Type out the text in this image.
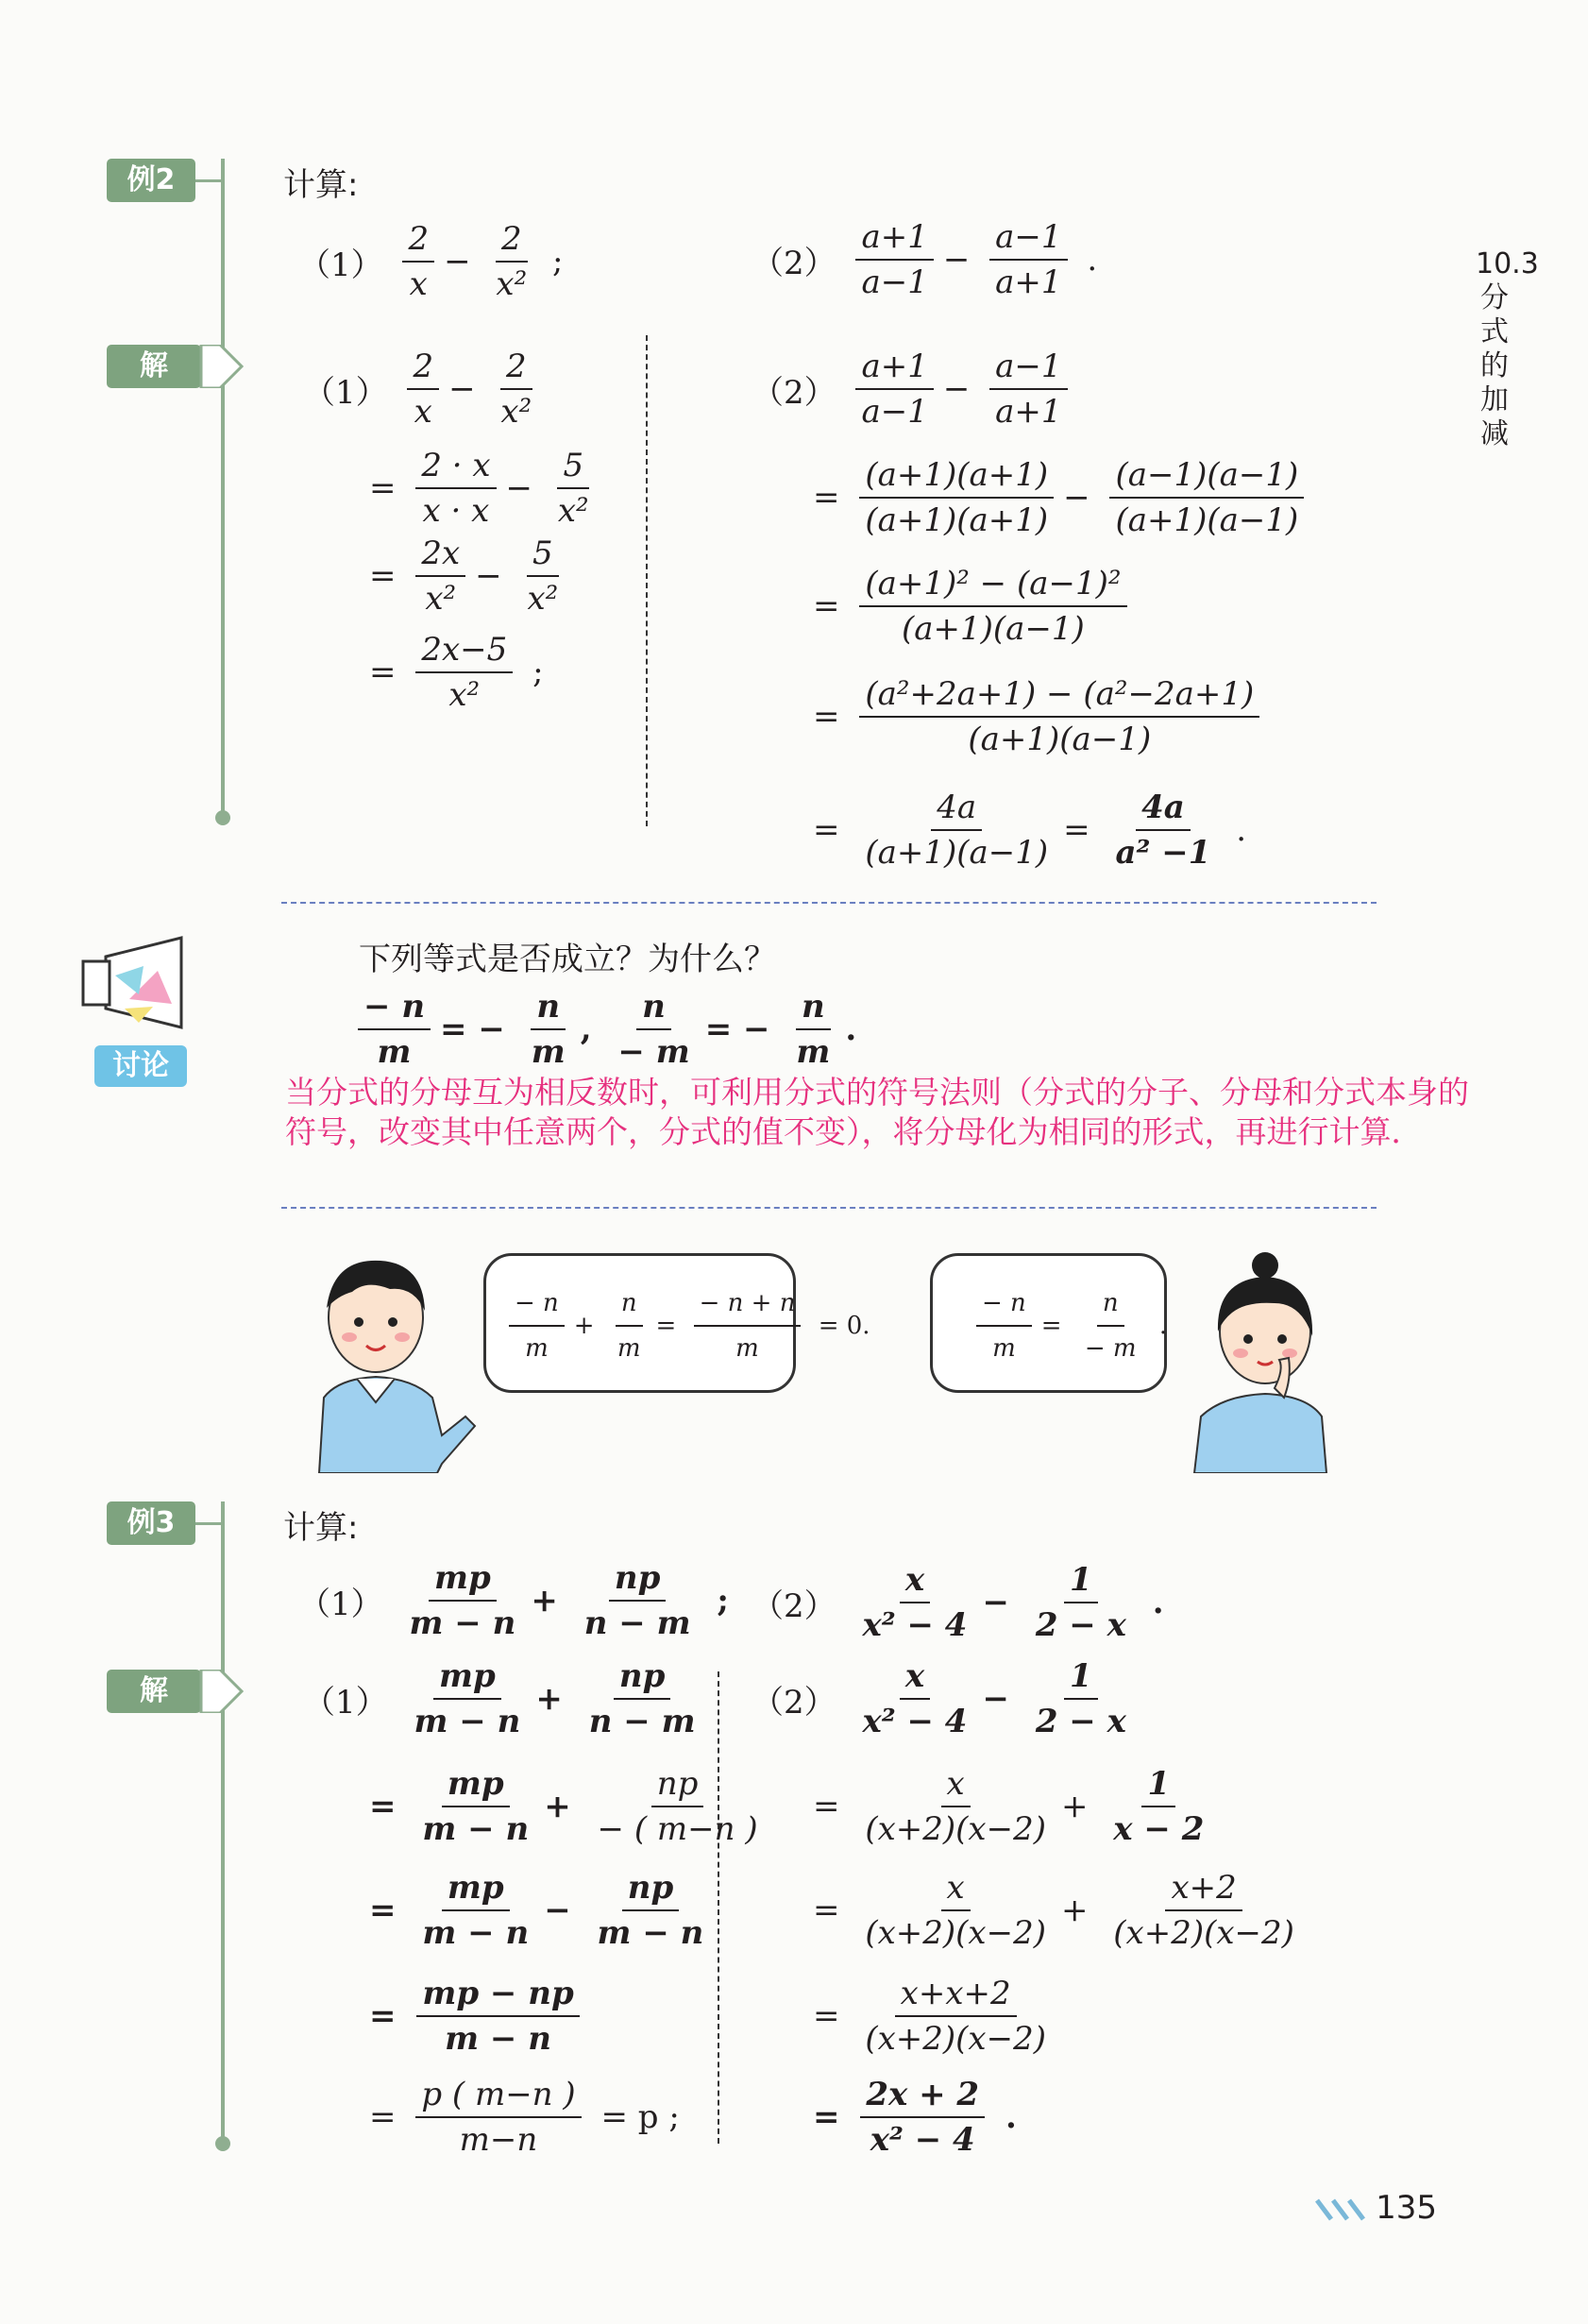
10.3 分式的加减
例2	计算:
$(1) \frac{2}{x} - \frac{2}{\text{x²}}$ ;	$(2) \frac{a+1}{a-1} - \frac{a-1}{a+1}$ .
解
$(1) \frac{2}{x} - \frac{2}{\text{x²}}$
= $\frac{2 \cdot x}{x \cdot x} - \frac{5}{\text{x²}}$
= $\frac{2x}{\text{x²}} - \frac{5}{\text{x²}}$
= $\frac{2x-5}{\text{x²}}$ ;
$(2) \frac{a+1}{a-1} - \frac{a-1}{a+1}$
= $\frac{(a+1)(a+1)}{(a+1)(a+1)} - \frac{(a-1)(a-1)}{(a+1)(a-1)}$
= $\frac{\text{(a+1)² − (a−1)²}}{(a+1)(a-1)}$
= $\frac{\text{(a²+2a+1) − (a²−2a+1)}}{(a+1)(a-1)}$
= $\frac{4a}{(a+1)(a-1)} = \frac{4a}{\text{a² −1}}$ .
讨论
下列等式是否成立？为什么？
$\frac{- n}{m}$ = − $\frac{n}{m}$ , $\frac{n}{- m}$ = − $\frac{n}{m}$ .
当分式的分母互为相反数时，可利用分式的符号法则（分式的分子、分母和分式本身的符号，改变其中任意两个，分式的值不变），将分母化为相同的形式，再进行计算．
$\frac{- n}{m} + \frac{n}{m} = \frac{- n + n}{m} = 0$.	$\frac{- n}{m} = \frac{n}{- m}$ .
例3	计算:
$(1) \frac{mp}{m - n} + \frac{np}{n - m}$ ; $(2) \frac{x}{\text{x² − 4}} - \frac{1}{2 - x}$ .
解	$(1) \frac{mp}{m - n} + \frac{np}{n - m}$
= $\frac{mp}{m - n} + \frac{np}{- ( m-n )}$
= $\frac{mp}{m - n} - \frac{np}{m - n}$
= $\frac{mp - np}{m - n}$
= $\frac{p ( m-n )}{m-n} = p$ ;
$(2) \frac{x}{\text{x² − 4}} - \frac{1}{2 - x}$
= $\frac{x}{(x+2)(x-2)} + \frac{1}{x - 2}$
= $\frac{x}{(x+2)(x-2)} + \frac{x+2}{(x+2)(x-2)}$
= $\frac{x+x+2}{(x+2)(x-2)}$
= $\frac{2x + 2}{\text{x² − 4}}$ .
135
